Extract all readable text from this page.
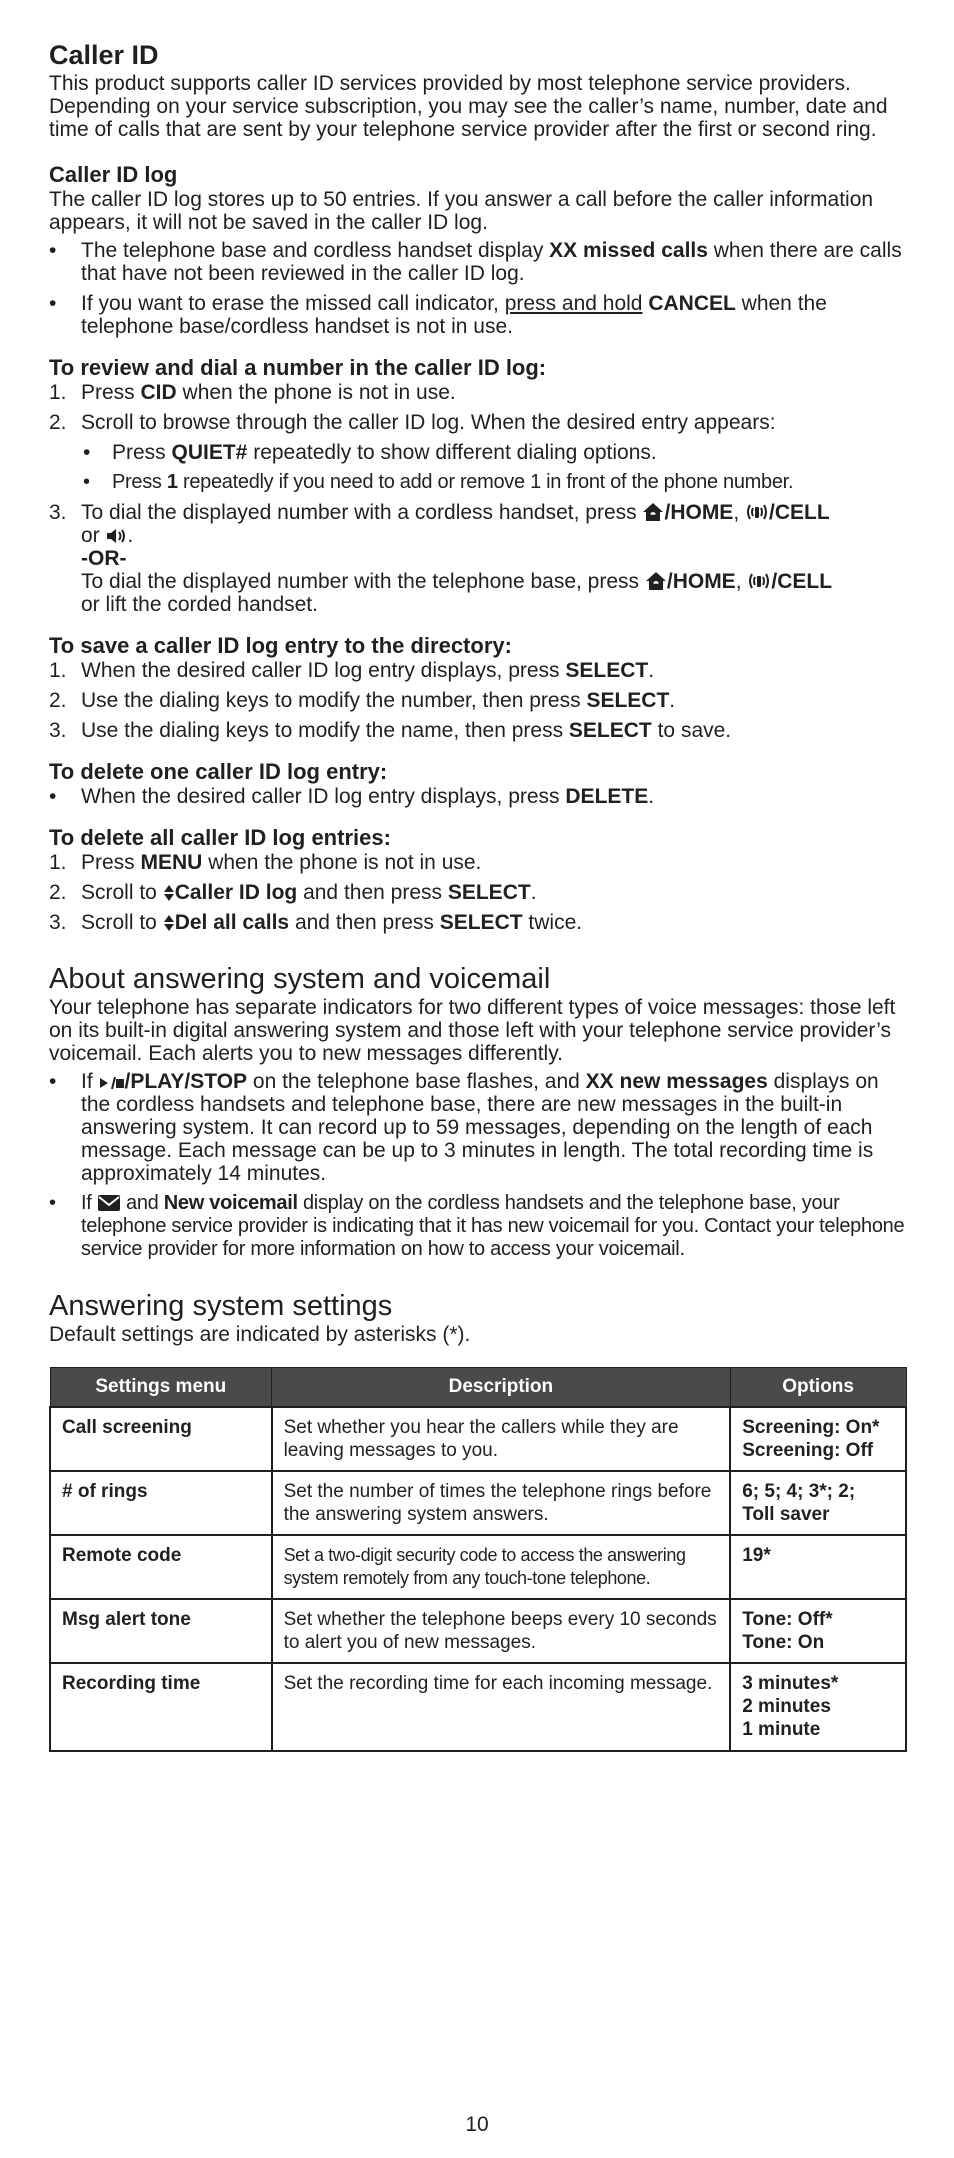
Caller ID

This product supports caller ID services provided by most telephone service providers. Depending on your service subscription, you may see the caller’s name, number, date and time of calls that are sent by your telephone service provider after the first or second ring.

Caller ID log

The caller ID log stores up to 50 entries. If you answer a call before the caller information appears, it will not be saved in the caller ID log.

• The telephone base and cordless handset display XX missed calls when there are calls that have not been reviewed in the caller ID log.
• If you want to erase the missed call indicator, press and hold CANCEL when the telephone base/cordless handset is not in use.
To review and dial a number in the caller ID log:
1. Press CID when the phone is not in use.
2. Scroll to browse through the caller ID log. When the desired entry appears:
• Press QUIET# repeatedly to show different dialing options.
• Press 1 repeatedly if you need to add or remove 1 in front of the phone number.
3. To dial the displayed number with a cordless handset, press /HOME, /CELL
or .
-OR-
To dial the displayed number with the telephone base, press /HOME, /CELL
or lift the corded handset.
To save a caller ID log entry to the directory:
1. When the desired caller ID log entry displays, press SELECT.
2. Use the dialing keys to modify the number, then press SELECT.
3. Use the dialing keys to modify the name, then press SELECT to save.
To delete one caller ID log entry:
• When the desired caller ID log entry displays, press DELETE.
To delete all caller ID log entries:
1. Press MENU when the phone is not in use.
2. Scroll to Caller ID log and then press SELECT.
3. Scroll to Del all calls and then press SELECT twice.
About answering system and voicemail

Your telephone has separate indicators for two different types of voice messages: those left on its built-in digital answering system and those left with your telephone service provider’s voicemail. Each alerts you to new messages differently.

• If /PLAY/STOP on the telephone base flashes, and XX new messages displays on the cordless handsets and telephone base, there are new messages in the built-in answering system. It can record up to 59 messages, depending on the length of each message. Each message can be up to 3 minutes in length. The total recording time is approximately 14 minutes.
• If  and New voicemail display on the cordless handsets and the telephone base, your telephone service provider is indicating that it has new voicemail for you. Contact your telephone service provider for more information on how to access your voicemail.
Answering system settings

Default settings are indicated by asterisks (*).

Settings menu	Description	Options
Call screening	Set whether you hear the callers while they are leaving messages to you.	Screening: On*
Screening: Off

# of rings	Set the number of times the telephone rings before the answering system answers.	6; 5; 4; 3*; 2;
Toll saver

Remote code	Set a two-digit security code to access the answering system remotely from any touch-tone telephone.	19*

Msg alert tone	Set whether the telephone beeps every 10 seconds to alert you of new messages.	Tone: Off*
Tone: On

Recording time	Set the recording time for each incoming message.	3 minutes*
2 minutes
1 minute
10
